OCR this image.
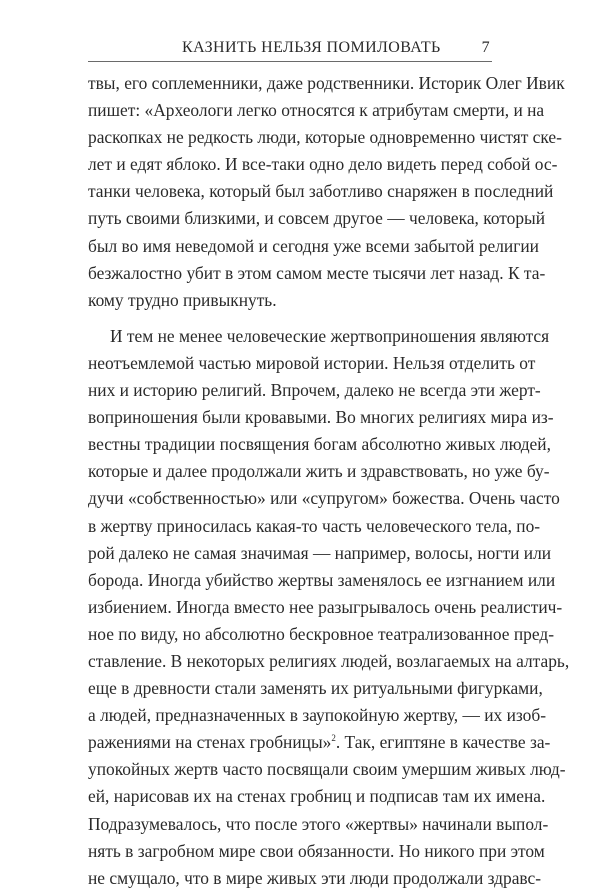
КАЗНИТЬ НЕЛЬЗЯ ПОМИЛОВАТЬ	7
твы, его соплеменники, даже родственники. Историк Олег Ивик
пишет: «Археологи легко относятся к атрибутам смерти, и на
раскопках не редкость люди, которые одновременно чистят ске-
лет и едят яблоко. И все-таки одно дело видеть перед собой ос-
танки человека, который был заботливо снаряжен в последний
путь своими близкими, и совсем другое — человека, который
был во имя неведомой и сегодня уже всеми забытой религии
безжалостно убит в этом самом месте тысячи лет назад. К та-
кому трудно привыкнуть.
И тем не менее человеческие жертвоприношения являются
неотъемлемой частью мировой истории. Нельзя отделить от
них и историю религий. Впрочем, далеко не всегда эти жерт-
воприношения были кровавыми. Во многих религиях мира из-
вестны традиции посвящения богам абсолютно живых людей,
которые и далее продолжали жить и здравствовать, но уже бу-
дучи «собственностью» или «супругом» божества. Очень часто
в жертву приносилась какая-то часть человеческого тела, по-
рой далеко не самая значимая — например, волосы, ногти или
борода. Иногда убийство жертвы заменялось ее изгнанием или
избиением. Иногда вместо нее разыгрывалось очень реалистич-
ное по виду, но абсолютно бескровное театрализованное пред-
ставление. В некоторых религиях людей, возлагаемых на алтарь,
еще в древности стали заменять их ритуальными фигурками,
а людей, предназначенных в заупокойную жертву, — их изоб-
ражениями на стенах гробницы»$^2$. Так, египтяне в качестве за-
упокойных жертв часто посвящали своим умершим живых люд-
ей, нарисовав их на стенах гробниц и подписав там их имена.
Подразумевалось, что после этого «жертвы» начинали выпол-
нять в загробном мире свои обязанности. Но никого при этом
не смущало, что в мире живых эти люди продолжали здравс-
